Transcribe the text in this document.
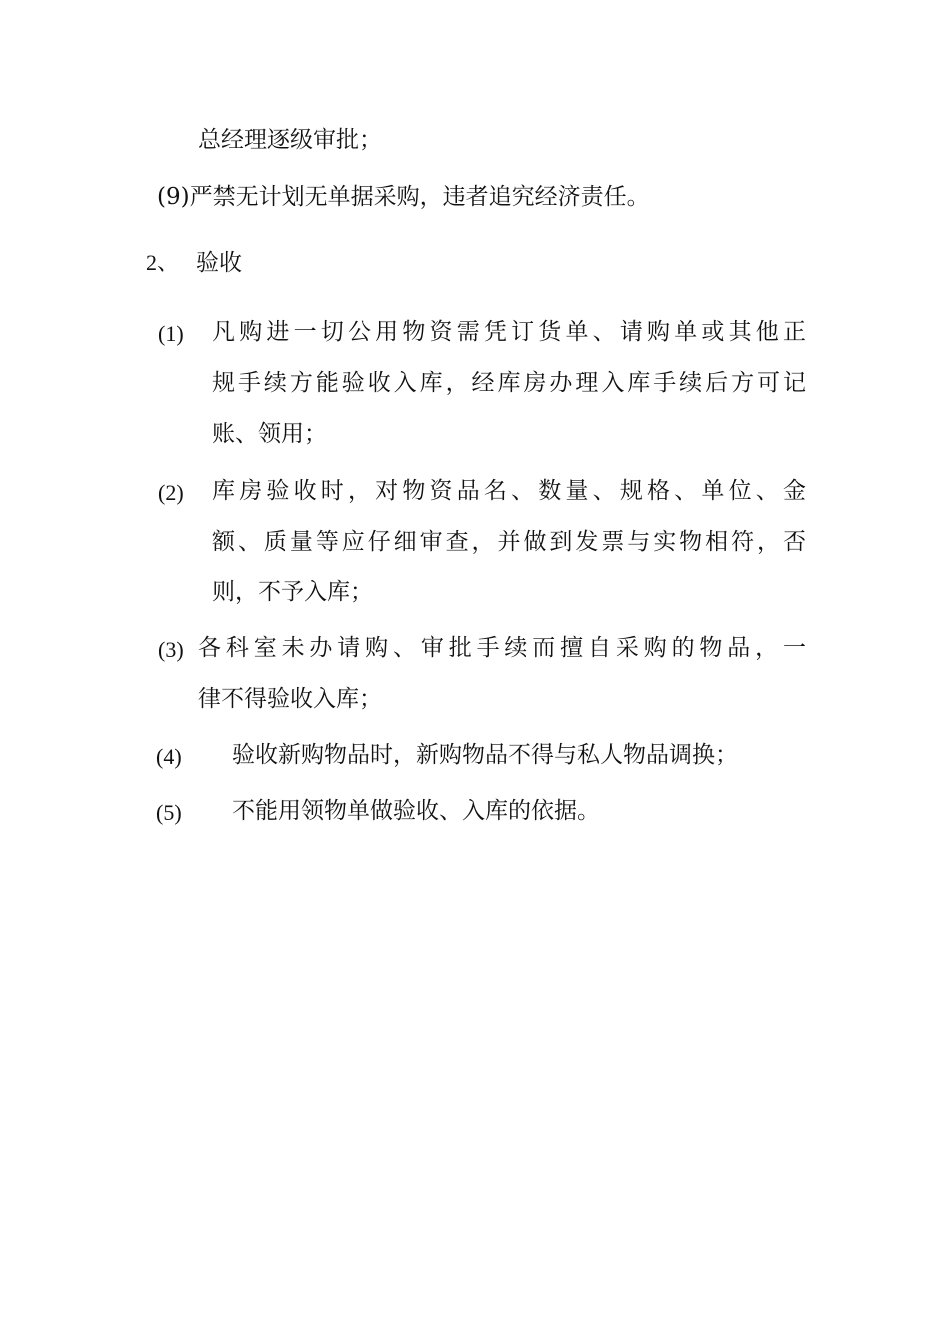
总经理逐级审批；
(9)严禁无计划无单据采购，违者追究经济责任。
2、 验收
(1) 凡购进一切公用物资需凭订货单、请购单或其他正
规手续方能验收入库，经库房办理入库手续后方可记
账、领用；
(2) 库房验收时，对物资品名、数量、规格、单位、金
额、质量等应仔细审查，并做到发票与实物相符，否
则，不予入库；
(3) 各科室未办请购、审批手续而擅自采购的物品，一
律不得验收入库；
(4) 验收新购物品时，新购物品不得与私人物品调换；
(5) 不能用领物单做验收、入库的依据。
